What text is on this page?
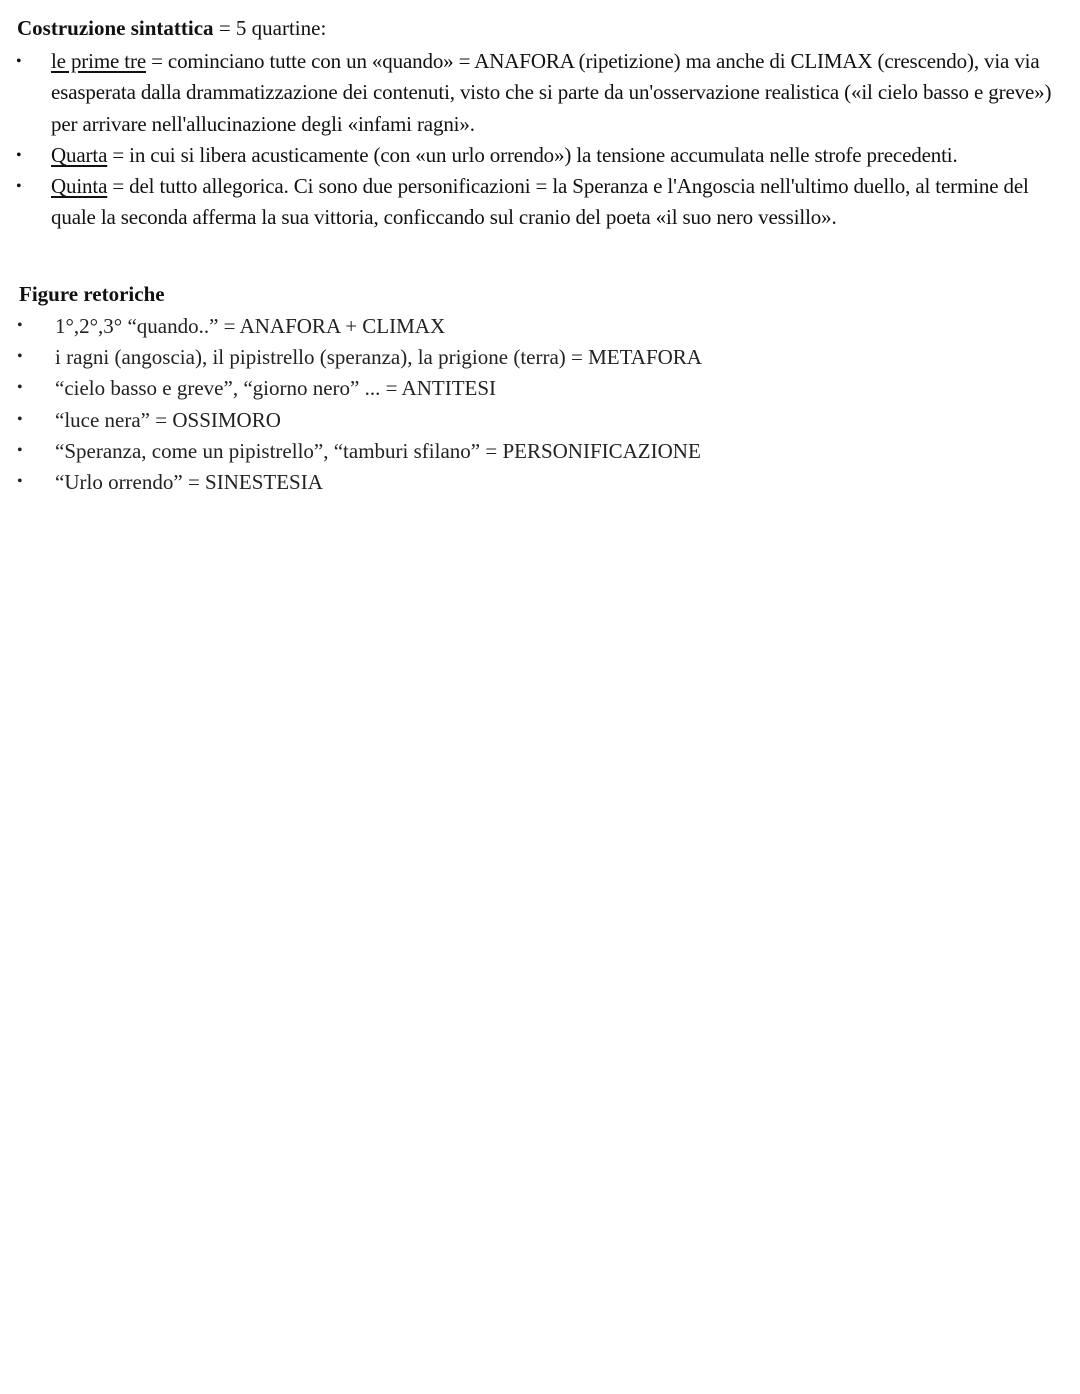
Costruzione sintattica = 5 quartine:
• le prime tre = cominciano tutte con un «quando» = ANAFORA (ripetizione) ma anche di CLIMAX (crescendo), via via esasperata dalla drammatizzazione dei contenuti, visto che si parte da un'osservazione realistica («il cielo basso e greve») per arrivare nell'allucinazione degli «infami ragni».
• Quarta = in cui si libera acusticamente (con «un urlo orrendo») la tensione accumulata nelle strofe precedenti.
• Quinta = del tutto allegorica. Ci sono due personificazioni = la Speranza e l'Angoscia nell'ultimo duello, al termine del quale la seconda afferma la sua vittoria, conficcando sul cranio del poeta «il suo nero vessillo».
Figure retoriche
• 1°,2°,3° “quando..” = ANAFORA + CLIMAX
• i ragni (angoscia), il pipistrello (speranza), la prigione (terra) = METAFORA
• “cielo basso e greve”, “giorno nero” ... = ANTITESI
• “luce nera” = OSSIMORO
• “Speranza, come un pipistrello”, “tamburi sfilano” = PERSONIFICAZIONE
• “Urlo orrendo” = SINESTESIA
